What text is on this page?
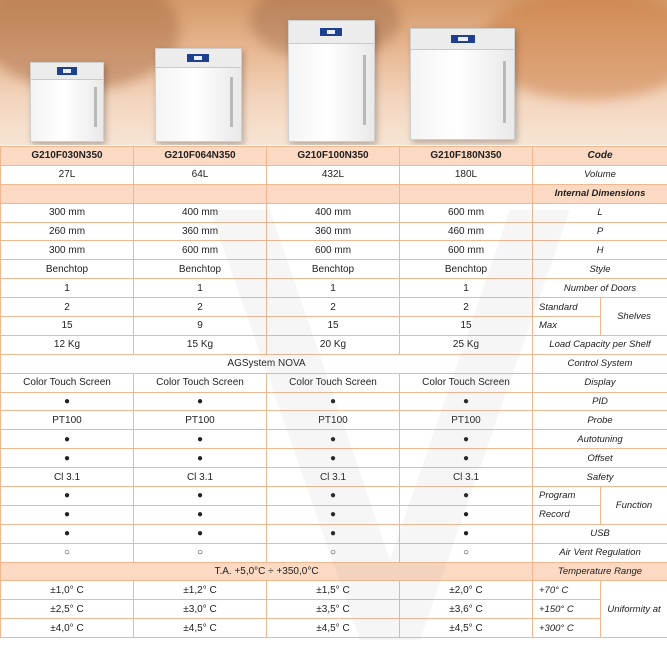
G210F030N350	G210F064N350	G210F100N350	G210F180N350	Code	
27L	64L	432L	180L	Volume	
				Internal Dimensions	
300 mm	400 mm	400 mm	600 mm	L	
260 mm	360 mm	360 mm	460 mm	P	
300 mm	600 mm	600 mm	600 mm	H	
Benchtop	Benchtop	Benchtop	Benchtop	Style	
1	1	1	1	Number of Doors	
2	2	2	2	Standard	Shelves
15	9	15	15	Max	
12 Kg	15 Kg	20 Kg	25 Kg	Load Capacity per Shelf	
AGSystem NOVA				Control System	
Color Touch Screen	Color Touch Screen	Color Touch Screen	Color Touch Screen	Display	
●	●	●	●	PID	
PT100	PT100	PT100	PT100	Probe	
●	●	●	●	Autotuning	
●	●	●	●	Offset	
Cl 3.1	Cl 3.1	Cl 3.1	Cl 3.1	Safety	
●	●	●	●	Program	Function
●	●	●	●	Record	
●	●	●	●	USB	
○	○	○	○	Air Vent Regulation	
T.A. +5,0°C ÷ +350,0°C				Temperature Range	
±1,0° C	±1,2° C	±1,5° C	±2,0° C	+70° C	Uniformity at
±2,5° C	±3,0° C	±3,5° C	±3,6° C	+150° C	
±4,0° C	±4,5° C	±4,5° C	±4,5° C	+300° C	
